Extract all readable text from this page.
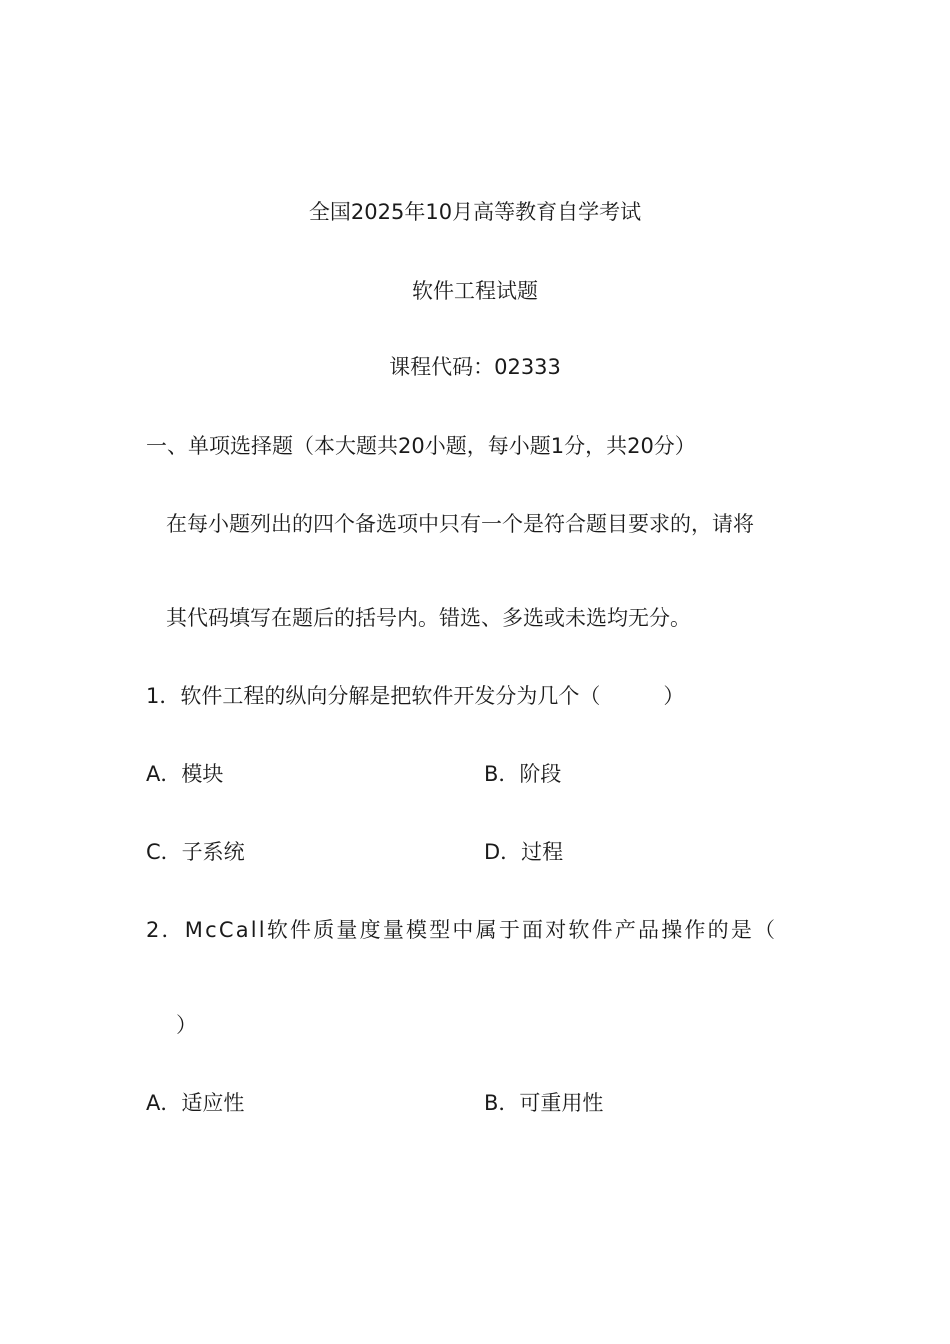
全国2025年10月高等教育自学考试
软件工程试题
课程代码：02333
一、单项选择题（本大题共20小题，每小题1分，共20分）
在每小题列出的四个备选项中只有一个是符合题目要求的，请将
其代码填写在题后的括号内。错选、多选或未选均无分。
1．软件工程的纵向分解是把软件开发分为几个（　　　）
A．模块	B．阶段
C．子系统	D．过程
2．McCall软件质量度量模型中属于面对软件产品操作的是（
）
A．适应性	B．可重用性
